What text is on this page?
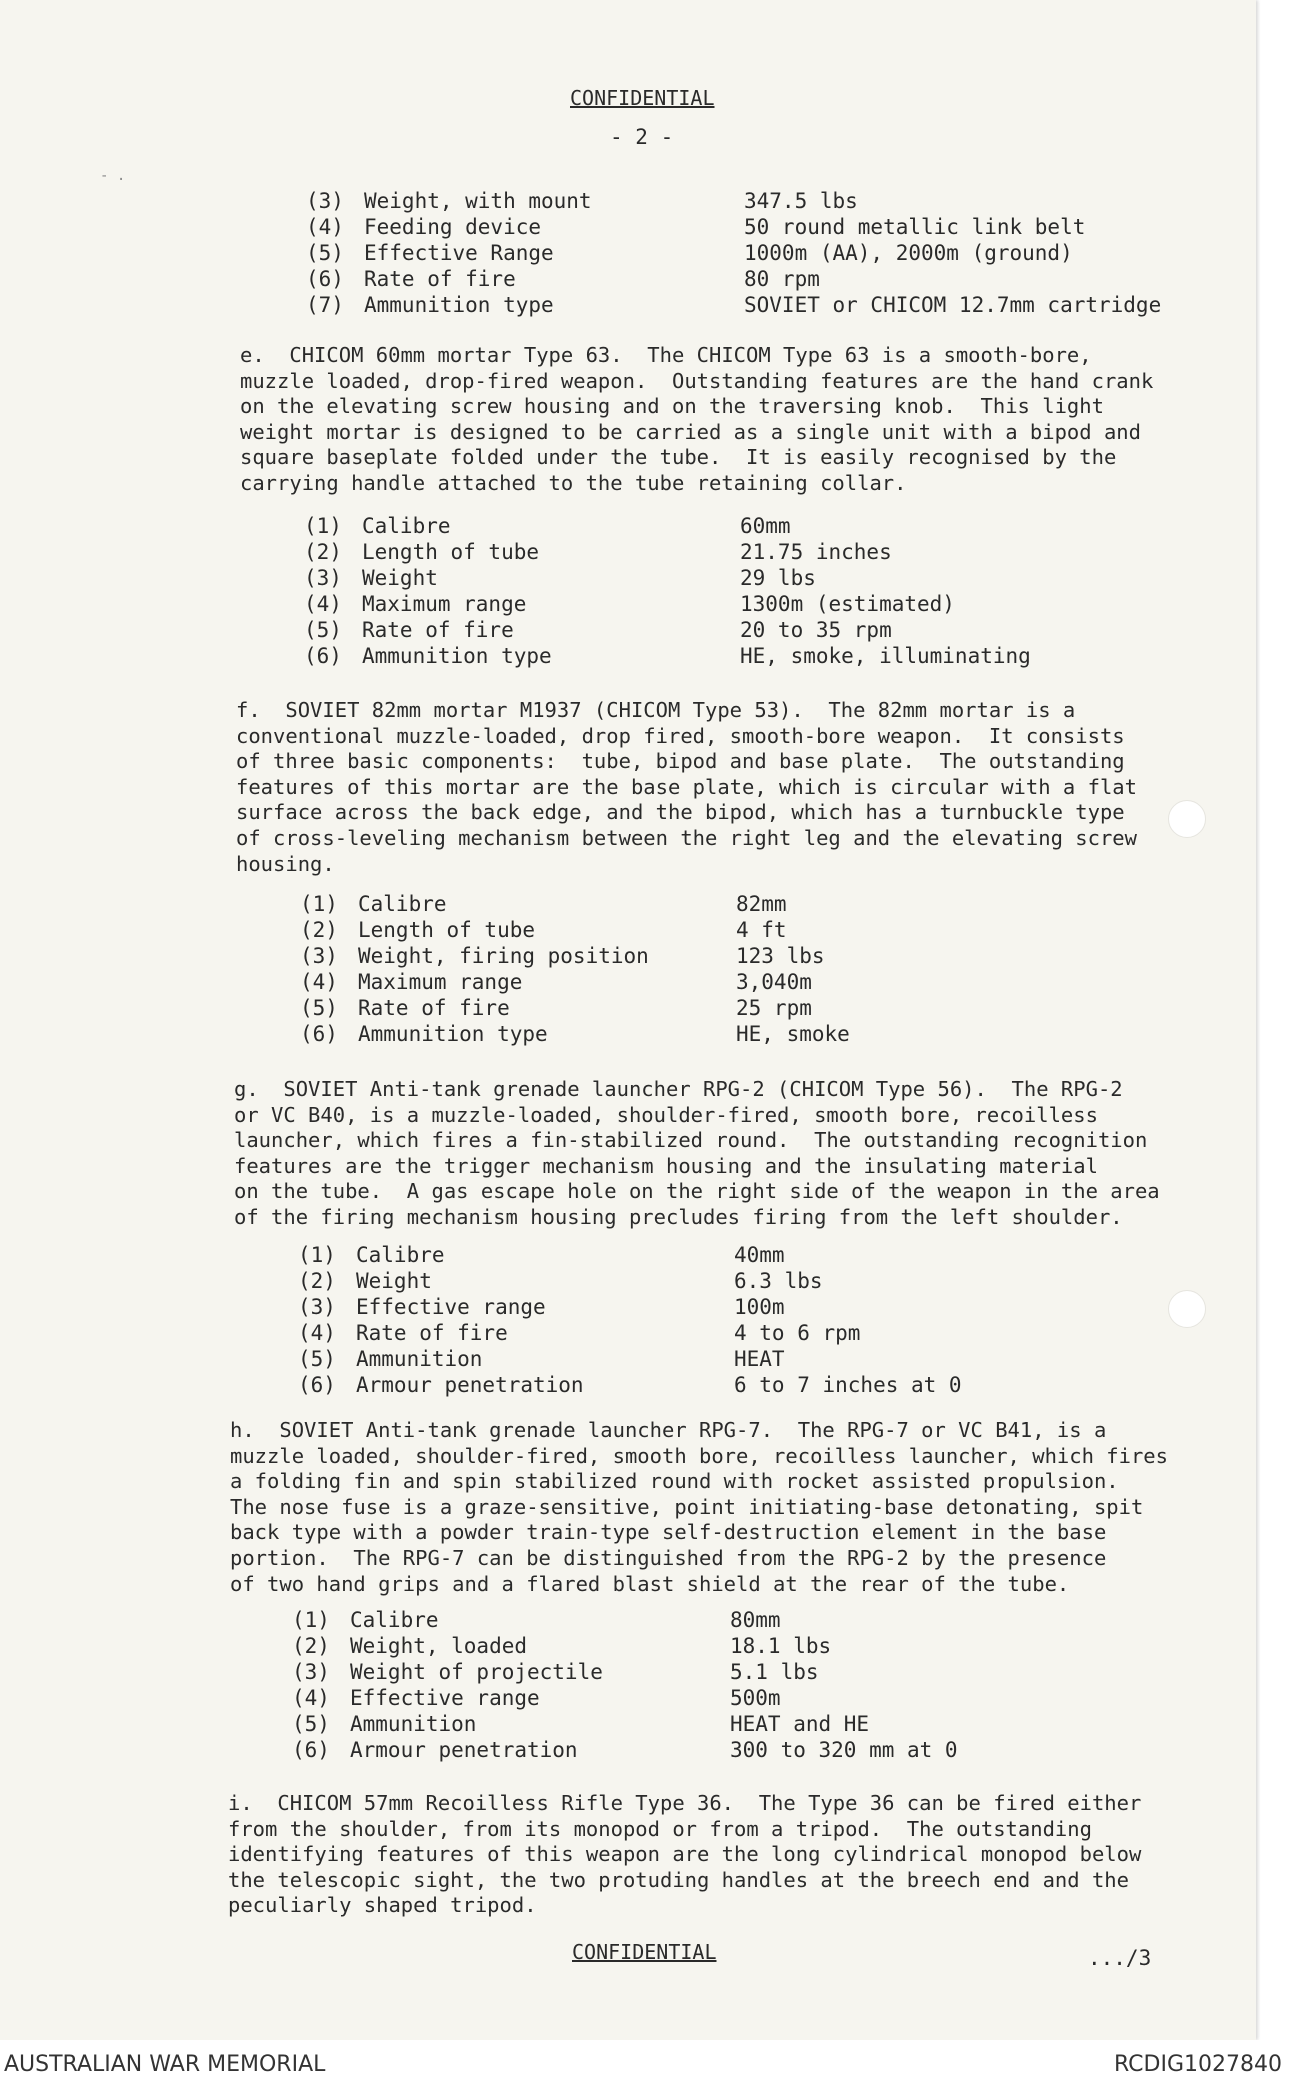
CONFIDENTIAL
- 2 -
- .
(3) Weight, with mount	347.5 lbs
(4) Feeding device	50 round metallic link belt
(5) Effective Range	1000m (AA), 2000m (ground)
(6) Rate of fire	80 rpm
(7) Ammunition type	SOVIET or CHICOM 12.7mm cartridge
e.  CHICOM 60mm mortar Type 63.  The CHICOM Type 63 is a smooth-bore,
muzzle loaded, drop-fired weapon.  Outstanding features are the hand crank
on the elevating screw housing and on the traversing knob.  This light
weight mortar is designed to be carried as a single unit with a bipod and
square baseplate folded under the tube.  It is easily recognised by the
carrying handle attached to the tube retaining collar.
(1) Calibre	60mm
(2) Length of tube	21.75 inches
(3) Weight	29 lbs
(4) Maximum range	1300m (estimated)
(5) Rate of fire	20 to 35 rpm
(6) Ammunition type	HE, smoke, illuminating
f.  SOVIET 82mm mortar M1937 (CHICOM Type 53).  The 82mm mortar is a
conventional muzzle-loaded, drop fired, smooth-bore weapon.  It consists
of three basic components:  tube, bipod and base plate.  The outstanding
features of this mortar are the base plate, which is circular with a flat
surface across the back edge, and the bipod, which has a turnbuckle type
of cross-leveling mechanism between the right leg and the elevating screw
housing.
(1) Calibre	82mm
(2) Length of tube	4 ft
(3) Weight, firing position	123 lbs
(4) Maximum range	3,040m
(5) Rate of fire	25 rpm
(6) Ammunition type	HE, smoke
g.  SOVIET Anti-tank grenade launcher RPG-2 (CHICOM Type 56).  The RPG-2
or VC B40, is a muzzle-loaded, shoulder-fired, smooth bore, recoilless
launcher, which fires a fin-stabilized round.  The outstanding recognition
features are the trigger mechanism housing and the insulating material
on the tube.  A gas escape hole on the right side of the weapon in the area
of the firing mechanism housing precludes firing from the left shoulder.
(1) Calibre	40mm
(2) Weight	6.3 lbs
(3) Effective range	100m
(4) Rate of fire	4 to 6 rpm
(5) Ammunition	HEAT
(6) Armour penetration	6 to 7 inches at 0
h.  SOVIET Anti-tank grenade launcher RPG-7.  The RPG-7 or VC B41, is a
muzzle loaded, shoulder-fired, smooth bore, recoilless launcher, which fires
a folding fin and spin stabilized round with rocket assisted propulsion.
The nose fuse is a graze-sensitive, point initiating-base detonating, spit
back type with a powder train-type self-destruction element in the base
portion.  The RPG-7 can be distinguished from the RPG-2 by the presence
of two hand grips and a flared blast shield at the rear of the tube.
(1) Calibre	80mm
(2) Weight, loaded	18.1 lbs
(3) Weight of projectile	5.1 lbs
(4) Effective range	500m
(5) Ammunition	HEAT and HE
(6) Armour penetration	300 to 320 mm at 0
i.  CHICOM 57mm Recoilless Rifle Type 36.  The Type 36 can be fired either
from the shoulder, from its monopod or from a tripod.  The outstanding
identifying features of this weapon are the long cylindrical monopod below
the telescopic sight, the two protuding handles at the breech end and the
peculiarly shaped tripod.
CONFIDENTIAL	.../3
AUSTRALIAN WAR MEMORIAL	RCDIG1027840
